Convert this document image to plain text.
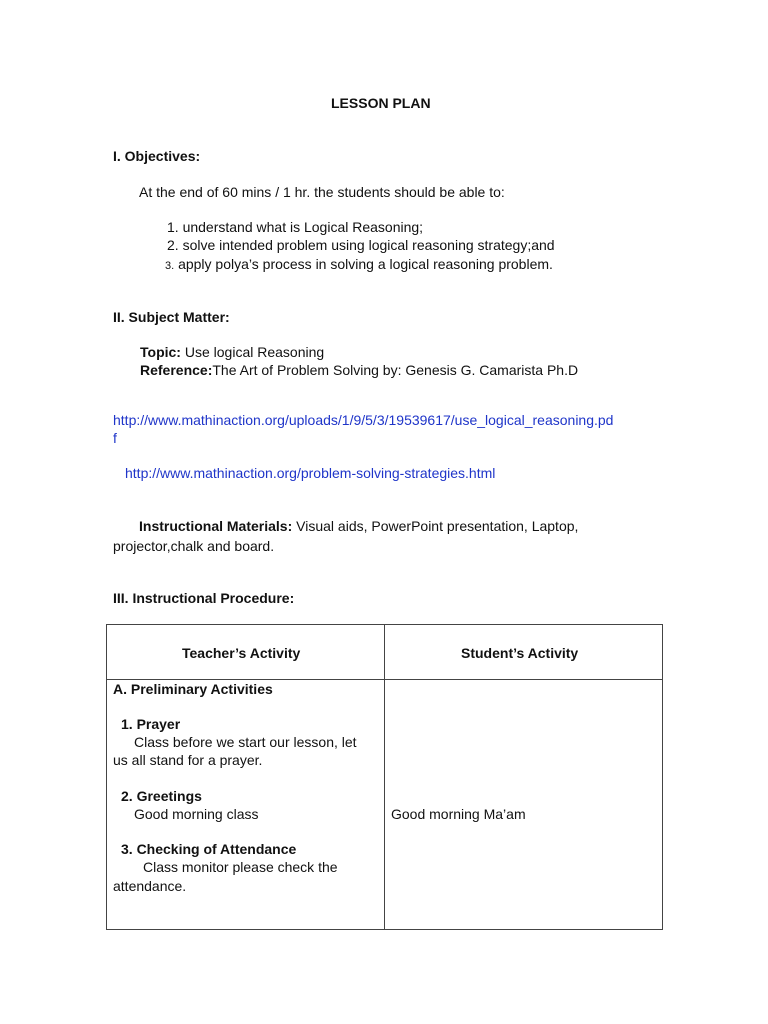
LESSON PLAN
I. Objectives:
At the end of 60 mins / 1 hr. the students should be able to:
1. understand what is Logical Reasoning;
2. solve intended problem using logical reasoning strategy;and
3. apply polya’s process in solving a logical reasoning problem.
II. Subject Matter:
Topic: Use logical Reasoning
Reference:The Art of Problem Solving by: Genesis G. Camarista Ph.D
http://www.mathinaction.org/uploads/1/9/5/3/19539617/use_logical_reasoning.pd
f
http://www.mathinaction.org/problem-solving-strategies.html
Instructional Materials: Visual aids, PowerPoint presentation, Laptop,
projector,chalk and board.
III. Instructional Procedure:
Teacher’s Activity	Student’s Activity
A. Preliminary Activities
1. Prayer
Class before we start our lesson, let
us all stand for a prayer.
2. Greetings
Good morning class
3. Checking of Attendance
Class monitor please check the
attendance.
Good morning Ma’am
